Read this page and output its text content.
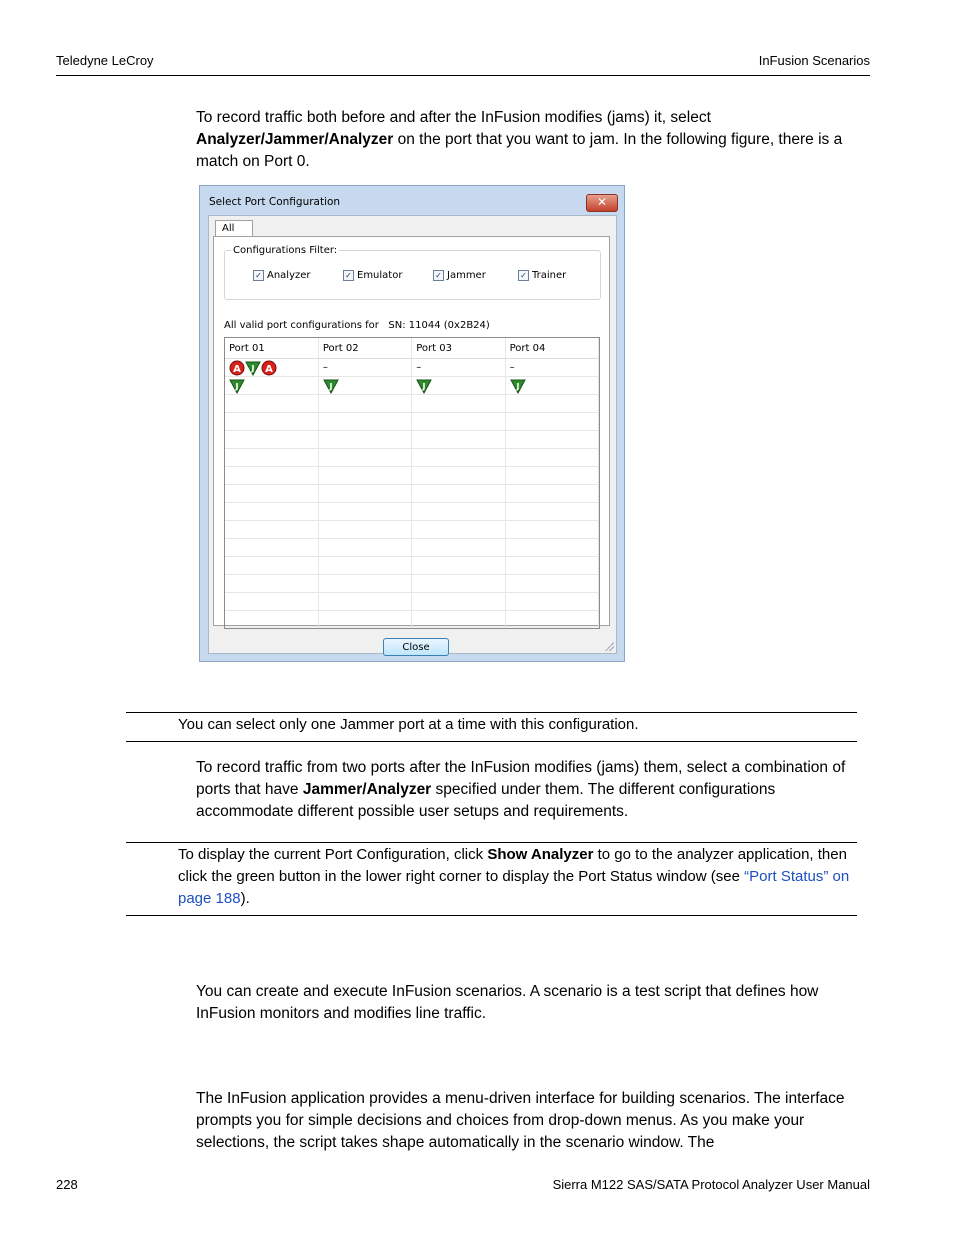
Teledyne LeCroy	InFusion Scenarios
To record traffic both before and after the InFusion modifies (jams) it, select
Analyzer/Jammer/Analyzer on the port that you want to jam. In the following figure, there is a match on Port 0.
Select Port Configuration	✕
All
Configurations Filter:
✓ Analyzer	✓ Emulator	✓ Jammer	✓ Trainer
All valid port configurations for SN: 11044 (0x2B24)
Port 01	Port 02	Port 03	Port 04

A
J
A	–	–	–

J	J	J	J

Close
You can select only one Jammer port at a time with this configuration.
To record traffic from two ports after the InFusion modifies (jams) them, select a combination of ports that have Jammer/Analyzer specified under them. The different configurations accommodate different possible user setups and requirements.
To display the current Port Configuration, click Show Analyzer to go to the analyzer application, then click the green button in the lower right corner to display the Port Status window (see “Port Status” on page 188).
You can create and execute InFusion scenarios. A scenario is a test script that defines how InFusion monitors and modifies line traffic.
The InFusion application provides a menu-driven interface for building scenarios. The interface prompts you for simple decisions and choices from drop-down menus. As you make your selections, the script takes shape automatically in the scenario window. The
228	Sierra M122 SAS/SATA Protocol Analyzer User Manual
